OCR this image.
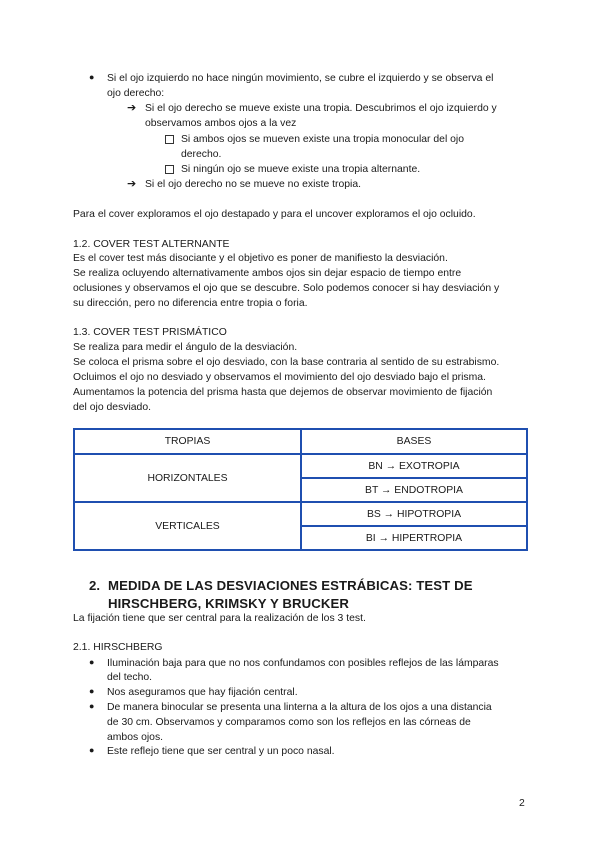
● Si el ojo izquierdo no hace ningún movimiento, se cubre el izquierdo y se observa el
ojo derecho:
➔ Si el ojo derecho se mueve existe una tropia. Descubrimos el ojo izquierdo y
observamos ambos ojos a la vez
Si ambos ojos se mueven existe una tropia monocular del ojo
derecho.
Si ningún ojo se mueve existe una tropia alternante.
➔ Si el ojo derecho no se mueve no existe tropia.
Para el cover exploramos el ojo destapado y para el uncover exploramos el ojo ocluido.
1.2. COVER TEST ALTERNANTE
Es el cover test más disociante y el objetivo es poner de manifiesto la desviación.
Se realiza ocluyendo alternativamente ambos ojos sin dejar espacio de tiempo entre
oclusiones y observamos el ojo que se descubre. Solo podemos conocer si hay desviación y
su dirección, pero no diferencia entre tropia o foria.
1.3. COVER TEST PRISMÁTICO
Se realiza para medir el ángulo de la desviación.
Se coloca el prisma sobre el ojo desviado, con la base contraria al sentido de su estrabismo.
Ocluimos el ojo no desviado y observamos el movimiento del ojo desviado bajo el prisma.
Aumentamos la potencia del prisma hasta que dejemos de observar movimiento de fijación
del ojo desviado.
TROPIAS	BASES
HORIZONTALES	BN → EXOTROPIA
	BT → ENDOTROPIA
VERTICALES	BS → HIPOTROPIA
	BI → HIPERTROPIA
2. MEDIDA DE LAS DESVIACIONES ESTRÁBICAS: TEST DE
HIRSCHBERG, KRIMSKY Y BRUCKER
La fijación tiene que ser central para la realización de los 3 test.
2.1. HIRSCHBERG
● Iluminación baja para que no nos confundamos con posibles reflejos de las lámparas
del techo.
● Nos aseguramos que hay fijación central.
● De manera binocular se presenta una linterna a la altura de los ojos a una distancia
de 30 cm. Observamos y comparamos como son los reflejos en las córneas de
ambos ojos.
● Este reflejo tiene que ser central y un poco nasal.
2
